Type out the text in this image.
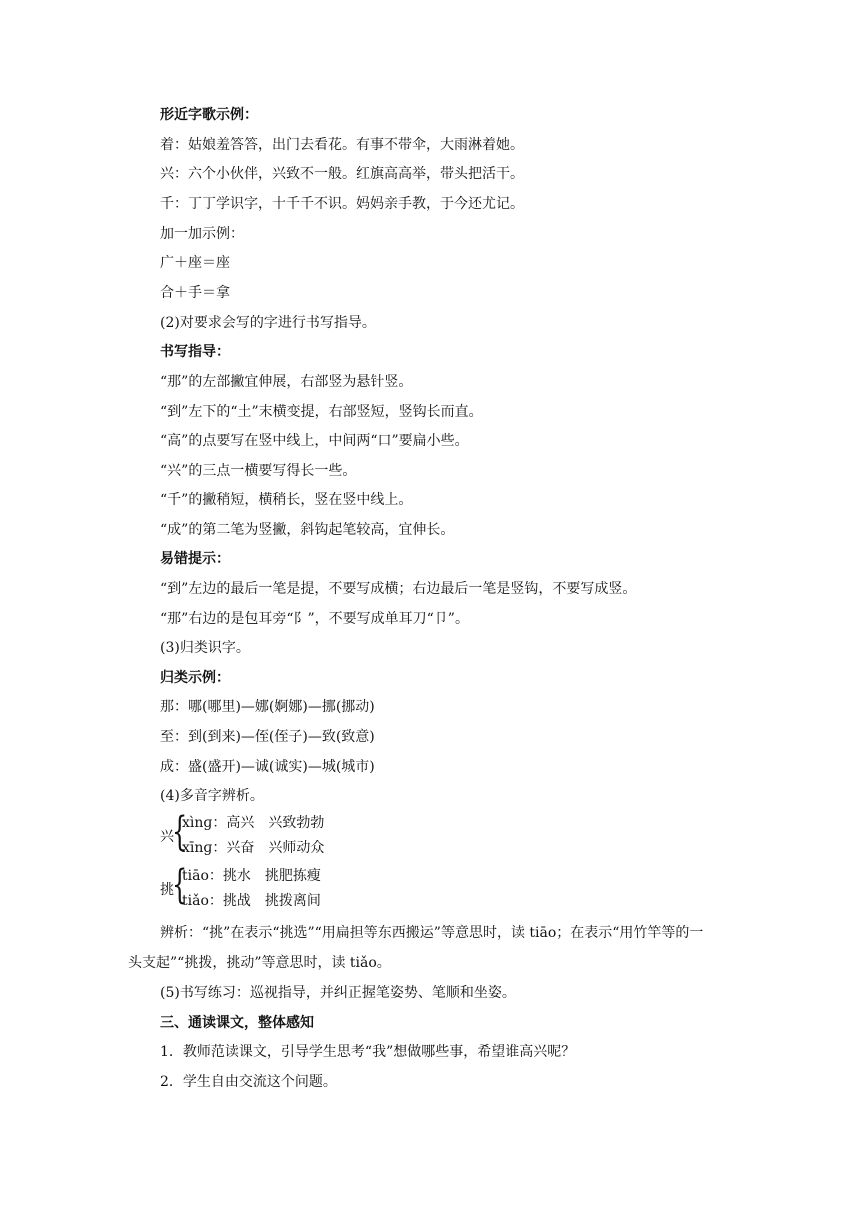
形近字歌示例：
着：姑娘羞答答，出门去看花。有事不带伞，大雨淋着她。
兴：六个小伙伴，兴致不一般。红旗高高举，带头把活干。
千：丁丁学识字，十千千不识。妈妈亲手教，于今还尤记。
加一加示例：
广＋座＝座
合＋手＝拿
(2)对要求会写的字进行书写指导。
书写指导：
“那”的左部撇宜伸展，右部竖为悬针竖。
“到”左下的“土”末横变提，右部竖短，竖钩长而直。
“高”的点要写在竖中线上，中间两“口”要扁小些。
“兴”的三点一横要写得长一些。
“千”的撇稍短，横稍长，竖在竖中线上。
“成”的第二笔为竖撇，斜钩起笔较高，宜伸长。
易错提示：
“到”左边的最后一笔是提，不要写成横；右边最后一笔是竖钩，不要写成竖。
“那”右边的是包耳旁“阝”，不要写成单耳刀“卩”。
(3)归类识字。
归类示例：
那：哪(哪里)—娜(婀娜)—挪(挪动)
至：到(到来)—侄(侄子)—致(致意)
成：盛(盛开)—诚(诚实)—城(城市)
(4)多音字辨析。
兴
{
xìnɡ：高兴　兴致勃勃
xīnɡ：兴奋　兴师动众
挑
{
tiāo：挑水　挑肥拣瘦
tiǎo：挑战　挑拨离间
辨析：“挑”在表示“挑选”“用扁担等东西搬运”等意思时，读 tiāo；在表示“用竹竿等的一
头支起”“挑拨，挑动”等意思时，读 tiǎo。
(5)书写练习：巡视指导，并纠正握笔姿势、笔顺和坐姿。
三、通读课文，整体感知
1．教师范读课文，引导学生思考“我”想做哪些事，希望谁高兴呢？
2．学生自由交流这个问题。
